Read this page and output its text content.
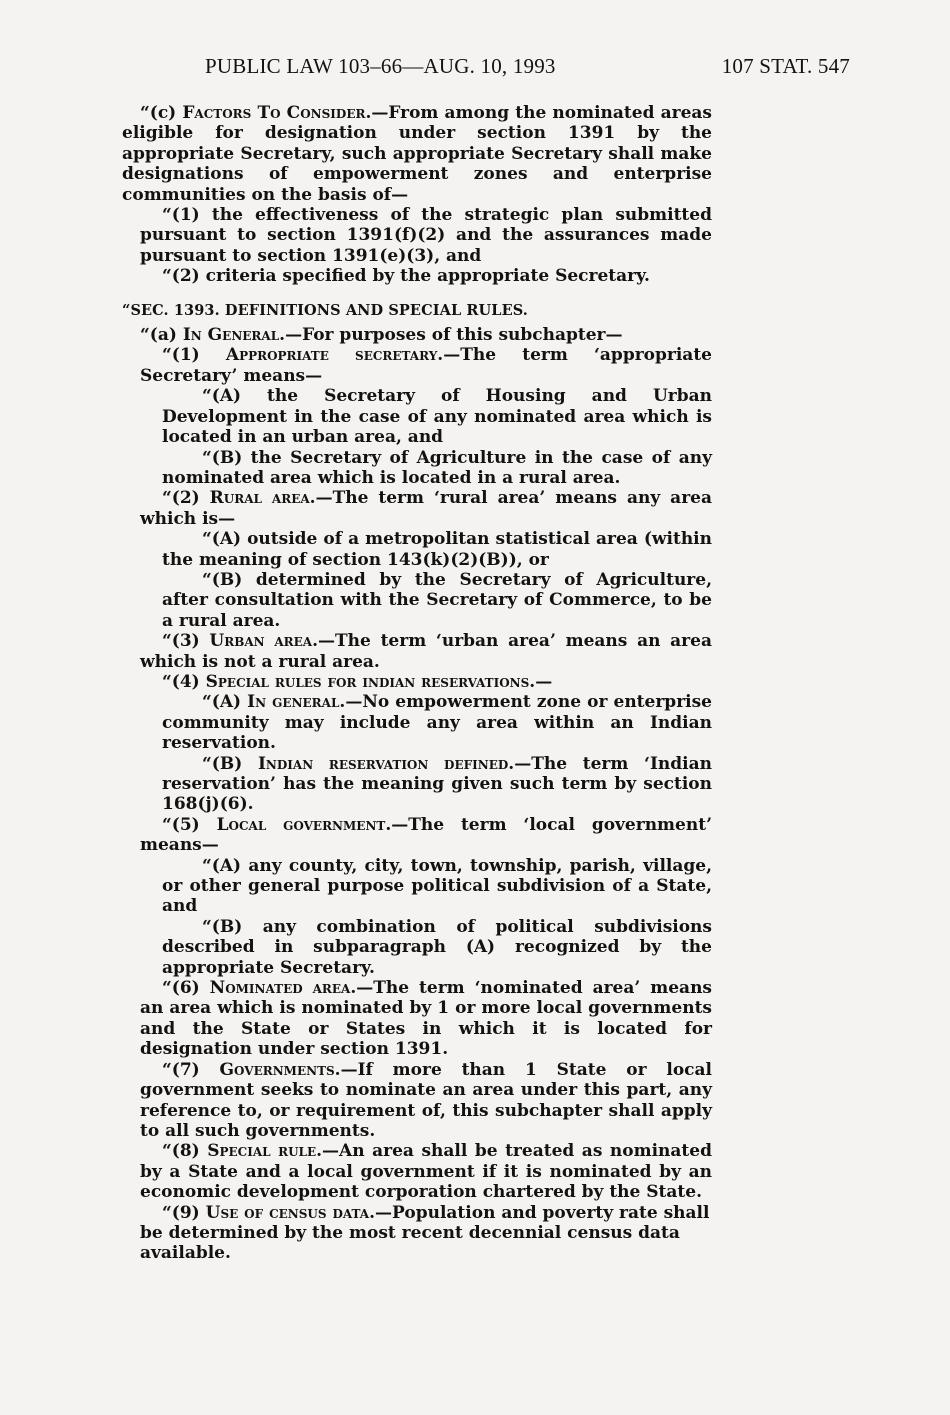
PUBLIC LAW 103–66—AUG. 10, 1993	107 STAT. 547

“(c) Factors To Consider.—From among the nominated areas eligible for designation under section 1391 by the appropriate Secretary, such appropriate Secretary shall make designations of empowerment zones and enterprise communities on the basis of—

“(1) the effectiveness of the strategic plan submitted pursuant to section 1391(f)(2) and the assurances made pursuant to section 1391(e)(3), and

“(2) criteria specified by the appropriate Secretary.

“SEC. 1393. DEFINITIONS AND SPECIAL RULES.

“(a) In General.—For purposes of this subchapter—

“(1) Appropriate secretary.—The term ‘appropriate Secretary’ means—

“(A) the Secretary of Housing and Urban Development in the case of any nominated area which is located in an urban area, and

“(B) the Secretary of Agriculture in the case of any nominated area which is located in a rural area.

“(2) Rural area.—The term ‘rural area’ means any area which is—

“(A) outside of a metropolitan statistical area (within the meaning of section 143(k)(2)(B)), or

“(B) determined by the Secretary of Agriculture, after consultation with the Secretary of Commerce, to be a rural area.

“(3) Urban area.—The term ‘urban area’ means an area which is not a rural area.

“(4) Special rules for indian reservations.—

“(A) In general.—No empowerment zone or enterprise community may include any area within an Indian reservation.

“(B) Indian reservation defined.—The term ‘Indian reservation’ has the meaning given such term by section 168(j)(6).

“(5) Local government.—The term ‘local government’ means—

“(A) any county, city, town, township, parish, village, or other general purpose political subdivision of a State, and

“(B) any combination of political subdivisions described in subparagraph (A) recognized by the appropriate Secretary.

“(6) Nominated area.—The term ‘nominated area’ means an area which is nominated by 1 or more local governments and the State or States in which it is located for designation under section 1391.

“(7) Governments.—If more than 1 State or local government seeks to nominate an area under this part, any reference to, or requirement of, this subchapter shall apply to all such governments.

“(8) Special rule.—An area shall be treated as nominated by a State and a local government if it is nominated by an economic development corporation chartered by the State.

“(9) Use of census data.—Population and poverty rate shall be determined by the most recent decennial census data available.
